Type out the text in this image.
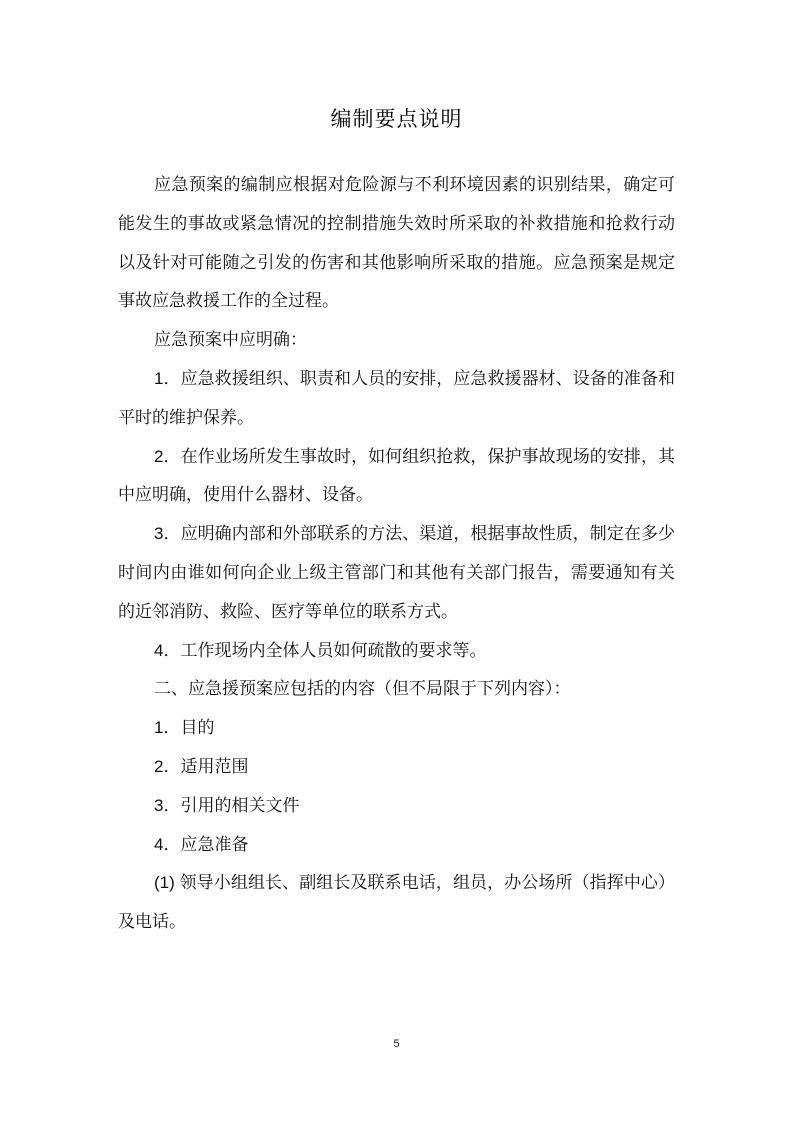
编制要点说明

应急预案的编制应根据对危险源与不利环境因素的识别结果，确定可能发生的事故或紧急情况的控制措施失效时所采取的补救措施和抢救行动以及针对可能随之引发的伤害和其他影响所采取的措施。应急预案是规定事故应急救援工作的全过程。

应急预案中应明确：

1．应急救援组织、职责和人员的安排，应急救援器材、设备的准备和平时的维护保养。

2．在作业场所发生事故时，如何组织抢救，保护事故现场的安排，其中应明确，使用什么器材、设备。

3．应明确内部和外部联系的方法、渠道，根据事故性质，制定在多少时间内由谁如何向企业上级主管部门和其他有关部门报告，需要通知有关的近邻消防、救险、医疗等单位的联系方式。

4．工作现场内全体人员如何疏散的要求等。

二、应急援预案应包括的内容（但不局限于下列内容）：

1．目的

2．适用范围

3．引用的相关文件

4．应急准备

(1) 领导小组组长、副组长及联系电话，组员，办公场所（指挥中心）及电话。

5
